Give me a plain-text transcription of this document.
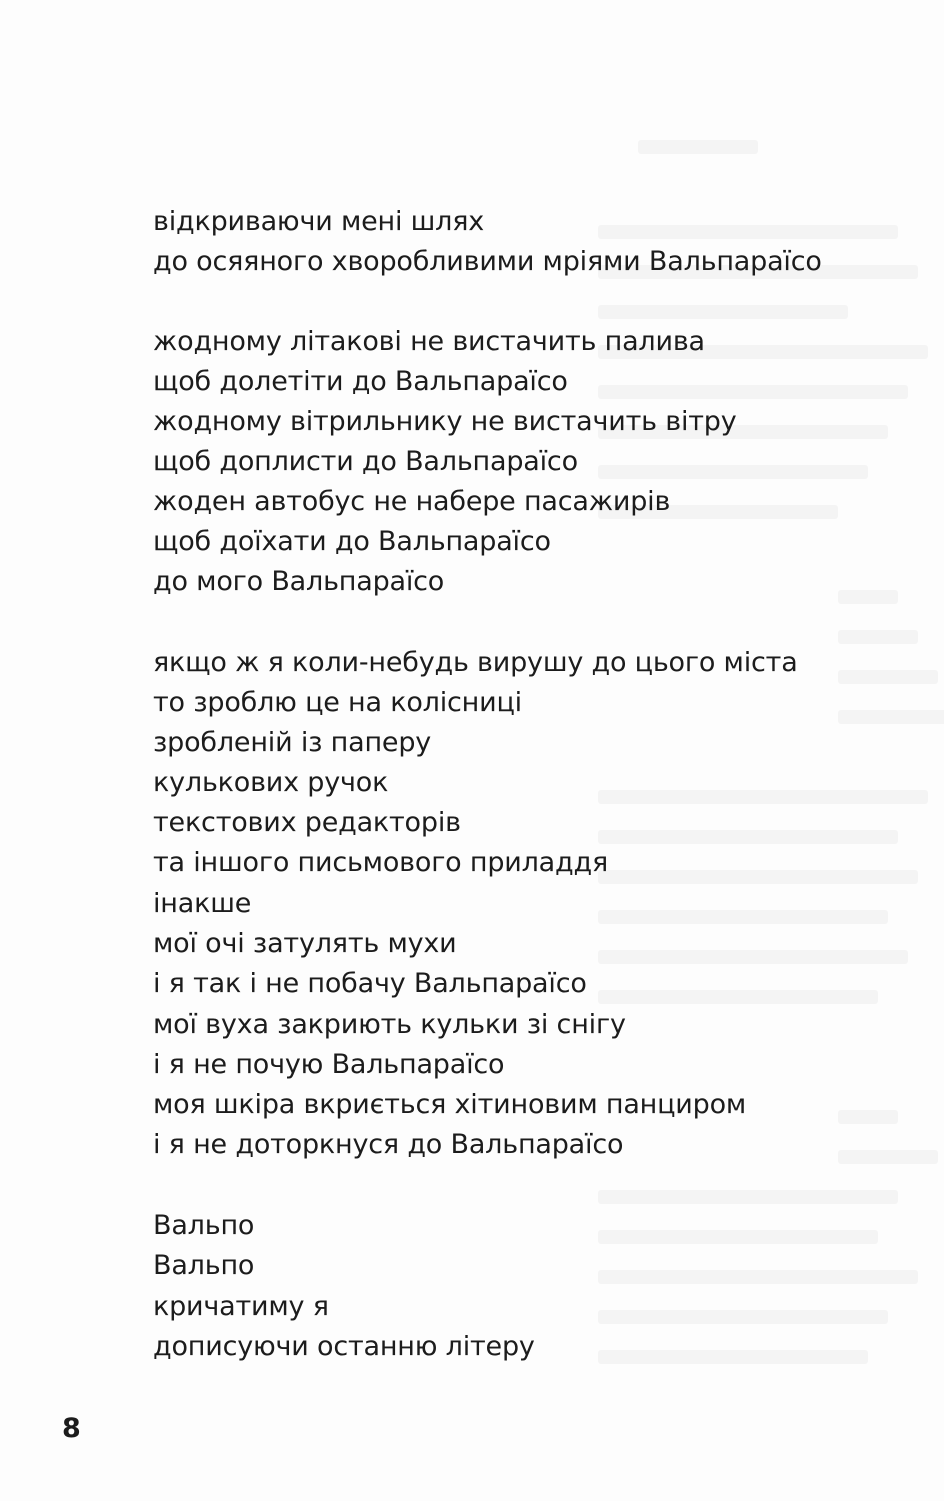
відкриваючи мені шлях
до осяяного хворобливими мріями Вальпараїсо
жодному літакові не вистачить палива
щоб долетіти до Вальпараїсо
жодному вітрильнику не вистачить вітру
щоб доплисти до Вальпараїсо
жоден автобус не набере пасажирів
щоб доїхати до Вальпараїсо
до мого Вальпараїсо
якщо ж я коли-небудь вирушу до цього міста
то зроблю це на колісниці
зробленій із паперу
кулькових ручок
текстових редакторів
та іншого письмового приладдя
інакше
мої очі затулять мухи
і я так і не побачу Вальпараїсо
мої вуха закриють кульки зі снігу
і я не почую Вальпараїсо
моя шкіра вкриється хітиновим панциром
і я не доторкнуся до Вальпараїсо
Вальпо
Вальпо
кричатиму я
дописуючи останню літеру
8
